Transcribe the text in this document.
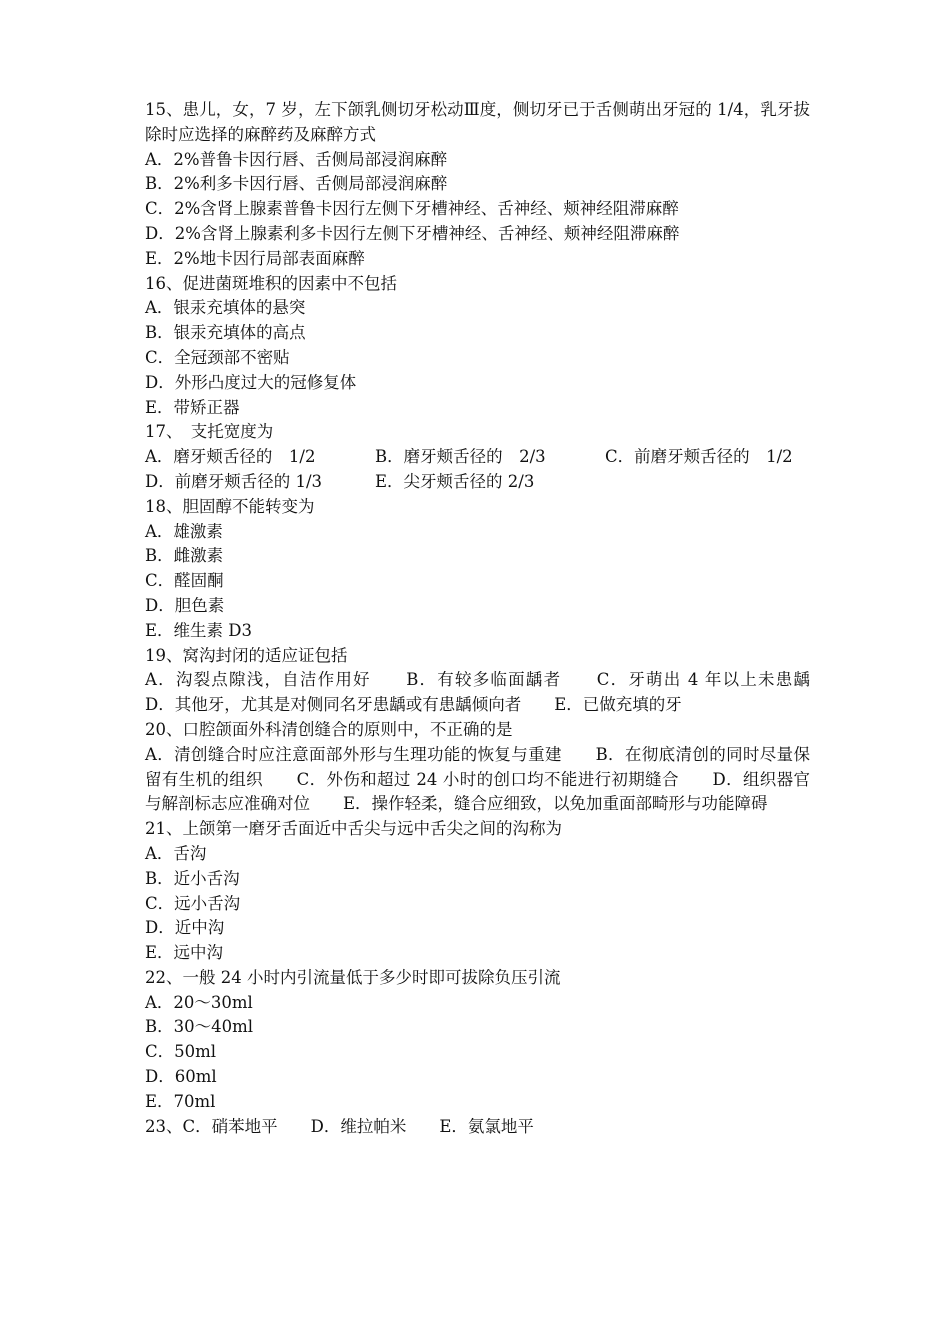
15、患儿，女，7 岁，左下颌乳侧切牙松动Ⅲ度，侧切牙已于舌侧萌出牙冠的 1/4，乳牙拔除时应选择的麻醉药及麻醉方式
A．2%普鲁卡因行唇、舌侧局部浸润麻醉
B．2%利多卡因行唇、舌侧局部浸润麻醉
C．2%含肾上腺素普鲁卡因行左侧下牙槽神经、舌神经、颊神经阻滞麻醉
D．2%含肾上腺素利多卡因行左侧下牙槽神经、舌神经、颊神经阻滞麻醉
E．2%地卡因行局部表面麻醉
16、促进菌斑堆积的因素中不包括
A．银汞充填体的悬突
B．银汞充填体的高点
C．全冠颈部不密贴
D．外形凸度过大的冠修复体
E．带矫正器
17、　支托宽度为
A．磨牙颊舌径的　1/2	B．磨牙颊舌径的　2/3	C．前磨牙颊舌径的　1/2
D．前磨牙颊舌径的 1/3	E．尖牙颊舌径的 2/3
18、胆固醇不能转变为
A．雄激素
B．雌激素
C．醛固酮
D．胆色素
E．维生素 D3
19、窝沟封闭的适应证包括
A．沟裂点隙浅，自洁作用好　　B．有较多临面龋者　　C．牙萌出 4 年以上未患龋　　D．其他牙，尤其是对侧同名牙患龋或有患龋倾向者　　E．已做充填的牙
20、口腔颌面外科清创缝合的原则中，不正确的是
A．清创缝合时应注意面部外形与生理功能的恢复与重建　　B．在彻底清创的同时尽量保留有生机的组织　　C．外伤和超过 24 小时的创口均不能进行初期缝合　　D．组织器官与解剖标志应准确对位　　E．操作轻柔，缝合应细致，以免加重面部畸形与功能障碍
21、上颌第一磨牙舌面近中舌尖与远中舌尖之间的沟称为
A．舌沟
B．近小舌沟
C．远小舌沟
D．近中沟
E．远中沟
22、一般 24 小时内引流量低于多少时即可拔除负压引流
A．20～30ml
B．30～40ml
C．50ml
D．60ml
E．70ml
23、C．硝苯地平　　D．维拉帕米　　E．氨氯地平
